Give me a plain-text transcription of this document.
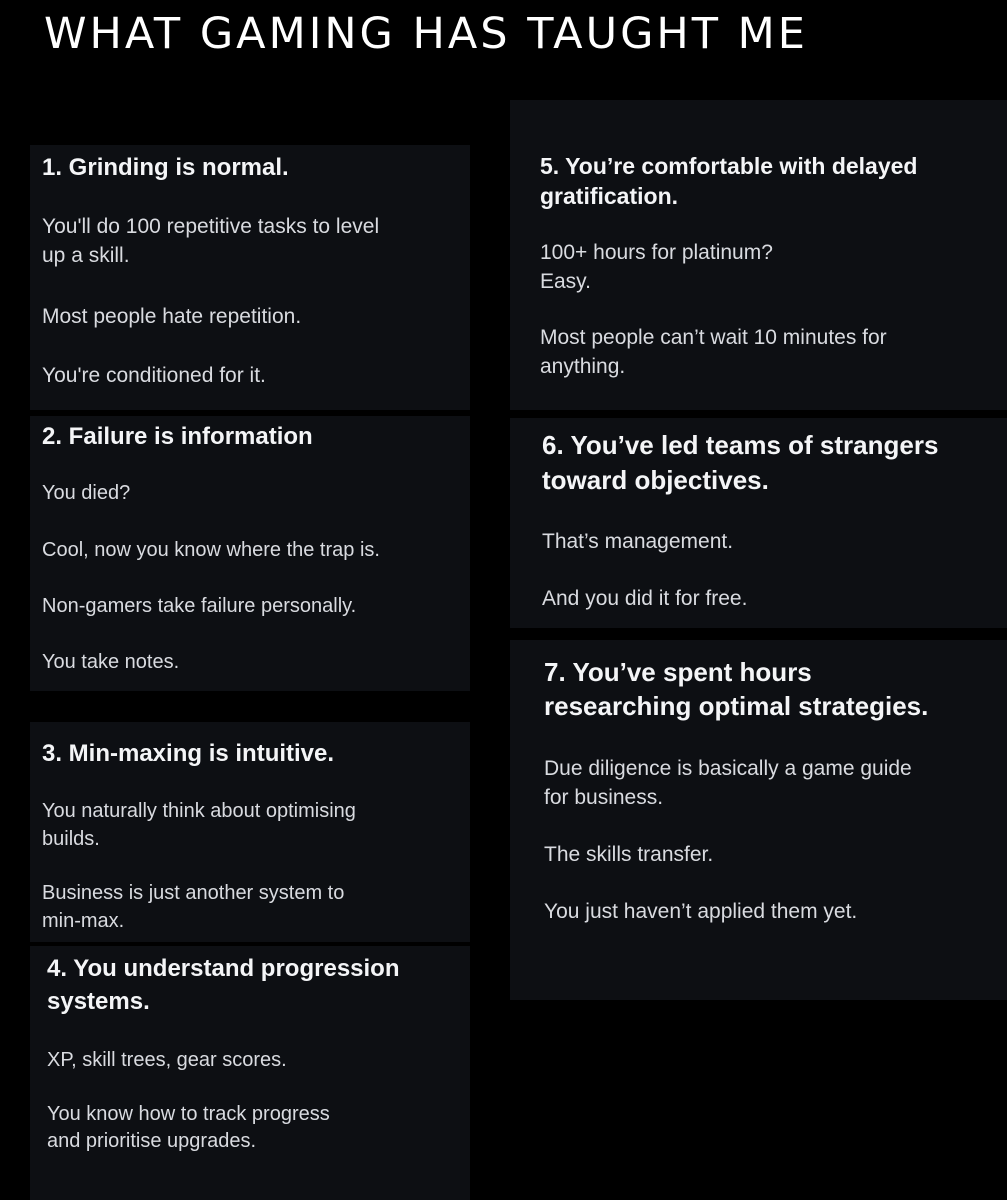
WHAT GAMING HAS TAUGHT ME
1. Grinding is normal.
You'll do 100 repetitive tasks to level
up a skill.
Most people hate repetition.
You're conditioned for it.
2. Failure is information
You died?
Cool, now you know where the trap is.
Non-gamers take failure personally.
You take notes.
3. Min-maxing is intuitive.
You naturally think about optimising
builds.
Business is just another system to
min-max.
4. You understand progression
systems.
XP, skill trees, gear scores.
You know how to track progress
and prioritise upgrades.
5. You’re comfortable with delayed
gratification.
100+ hours for platinum?
Easy.
Most people can’t wait 10 minutes for
anything.
6. You’ve led teams of strangers
toward objectives.
That’s management.
And you did it for free.
7. You’ve spent hours
researching optimal strategies.
Due diligence is basically a game guide
for business.
The skills transfer.
You just haven’t applied them yet.
